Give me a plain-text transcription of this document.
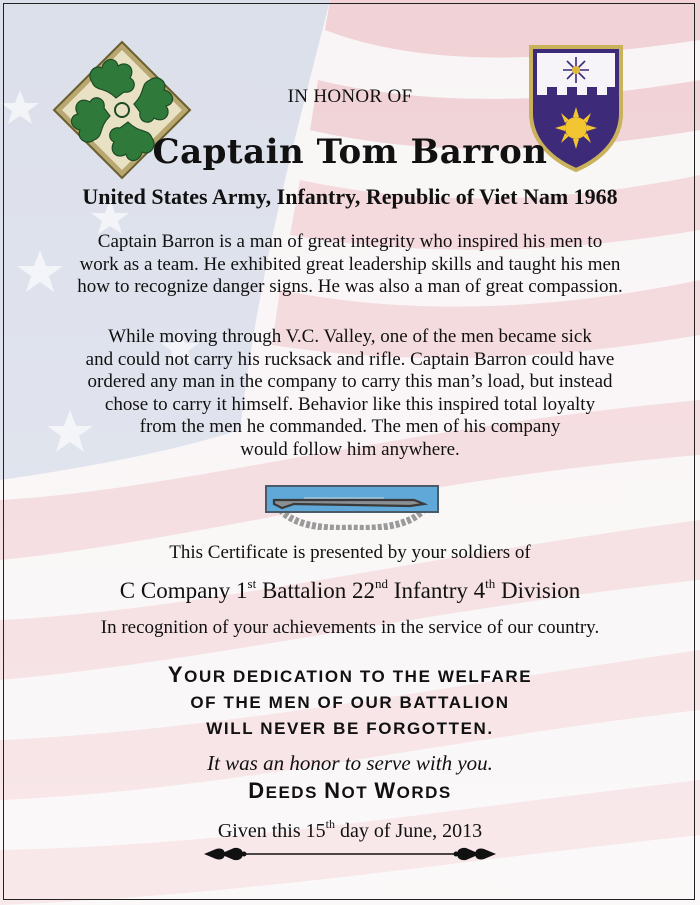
IN HONOR OF
Captain Tom Barron
United States Army, Infantry, Republic of Viet Nam 1968
Captain Barron is a man of great integrity who inspired his men to
work as a team. He exhibited great leadership skills and taught his men
how to recognize danger signs. He was also a man of great compassion.
While moving through V.C. Valley, one of the men became sick
and could not carry his rucksack and rifle. Captain Barron could have
ordered any man in the company to carry this man’s load, but instead
chose to carry it himself. Behavior like this inspired total loyalty
from the men he commanded. The men of his company
would follow him anywhere.
This Certificate is presented by your soldiers of
C Company 1st Battalion 22nd Infantry 4th Division
In recognition of your achievements in the service of our country.
YOUR DEDICATION TO THE WELFARE
OF THE MEN OF OUR BATTALION
WILL NEVER BE FORGOTTEN.
It was an honor to serve with you.
DEEDS NOT WORDS
Given this 15th day of June, 2013
